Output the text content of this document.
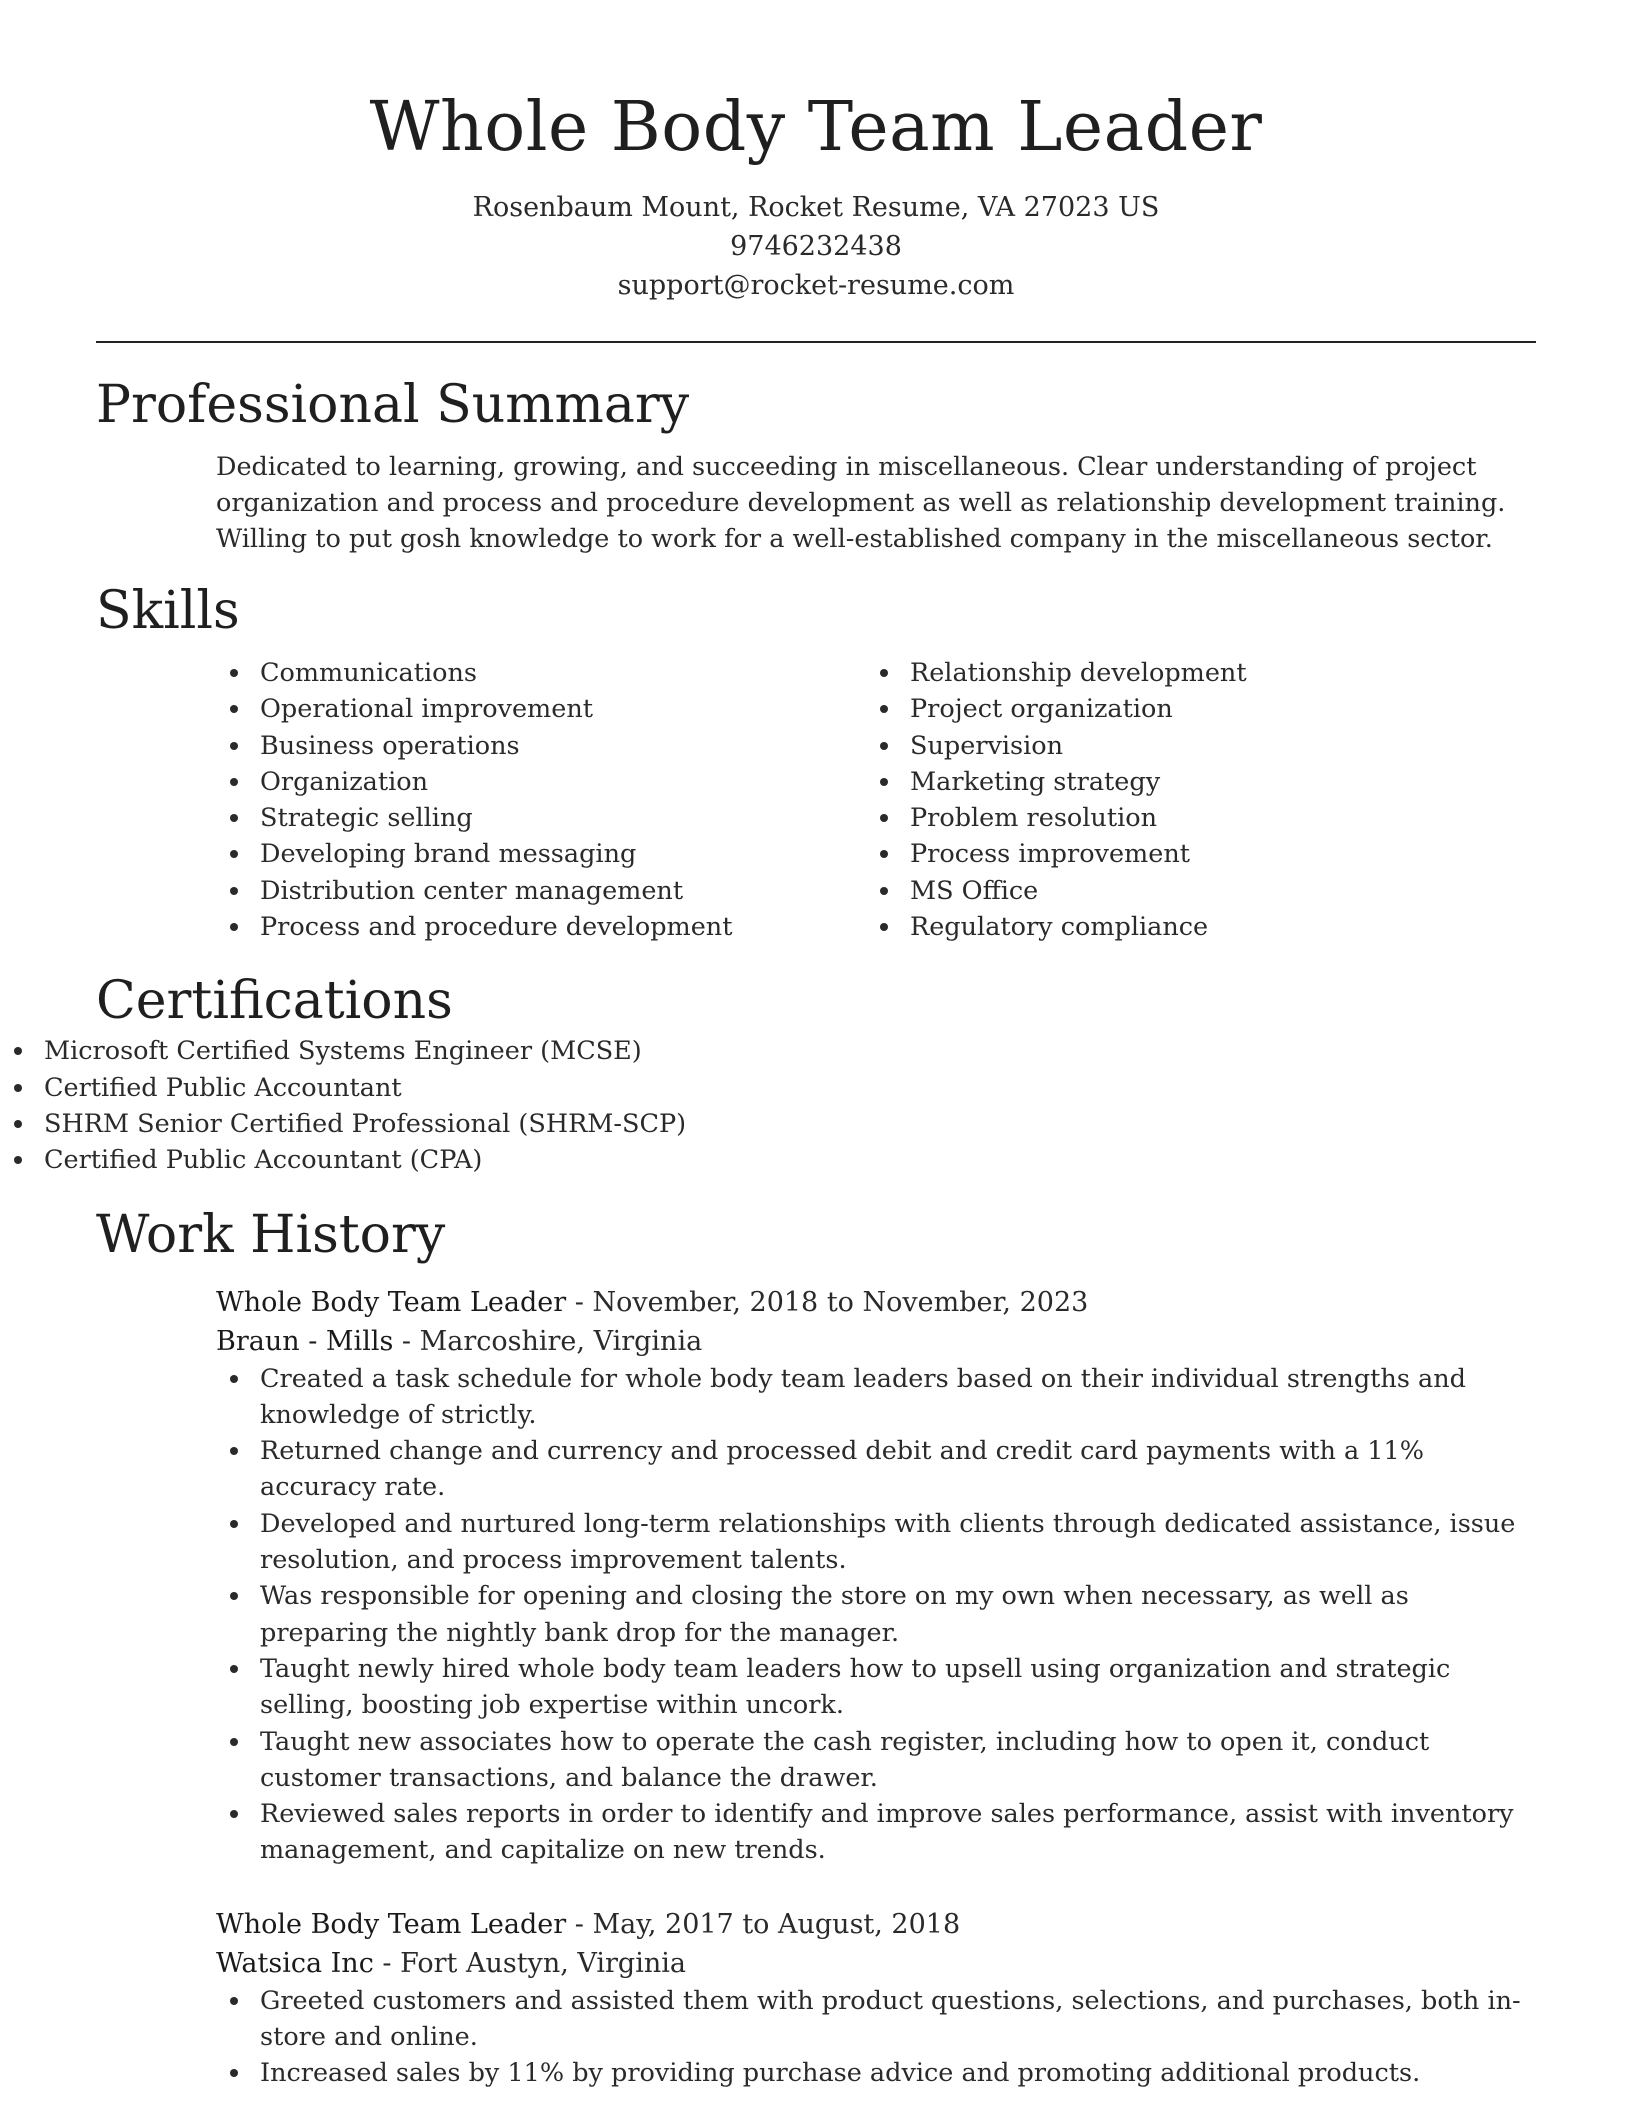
Whole Body Team Leader
Rosenbaum Mount, Rocket Resume, VA 27023 US
9746232438
support@rocket-resume.com
Professional Summary

Dedicated to learning, growing, and succeeding in miscellaneous. Clear understanding of project organization and process and procedure development as well as relationship development training. Willing to put gosh knowledge to work for a well-established company in the miscellaneous sector.

Skills
Communications
Operational improvement
Business operations
Organization
Strategic selling
Developing brand messaging
Distribution center management
Process and procedure development
Relationship development
Project organization
Supervision
Marketing strategy
Problem resolution
Process improvement
MS Office
Regulatory compliance
Certifications
Microsoft Certified Systems Engineer (MCSE)
Certified Public Accountant
SHRM Senior Certified Professional (SHRM-SCP)
Certified Public Accountant (CPA)
Work History
Whole Body Team Leader - November, 2018 to November, 2023
Braun - Mills - Marcoshire, Virginia
Created a task schedule for whole body team leaders based on their individual strengths and knowledge of strictly.
Returned change and currency and processed debit and credit card payments with a 11% accuracy rate.
Developed and nurtured long-term relationships with clients through dedicated assistance, issue resolution, and process improvement talents.
Was responsible for opening and closing the store on my own when necessary, as well as preparing the nightly bank drop for the manager.
Taught newly hired whole body team leaders how to upsell using organization and strategic selling, boosting job expertise within uncork.
Taught new associates how to operate the cash register, including how to open it, conduct customer transactions, and balance the drawer.
Reviewed sales reports in order to identify and improve sales performance, assist with inventory management, and capitalize on new trends.
Whole Body Team Leader - May, 2017 to August, 2018
Watsica Inc - Fort Austyn, Virginia
Greeted customers and assisted them with product questions, selections, and purchases, both in-store and online.
Increased sales by 11% by providing purchase advice and promoting additional products.
